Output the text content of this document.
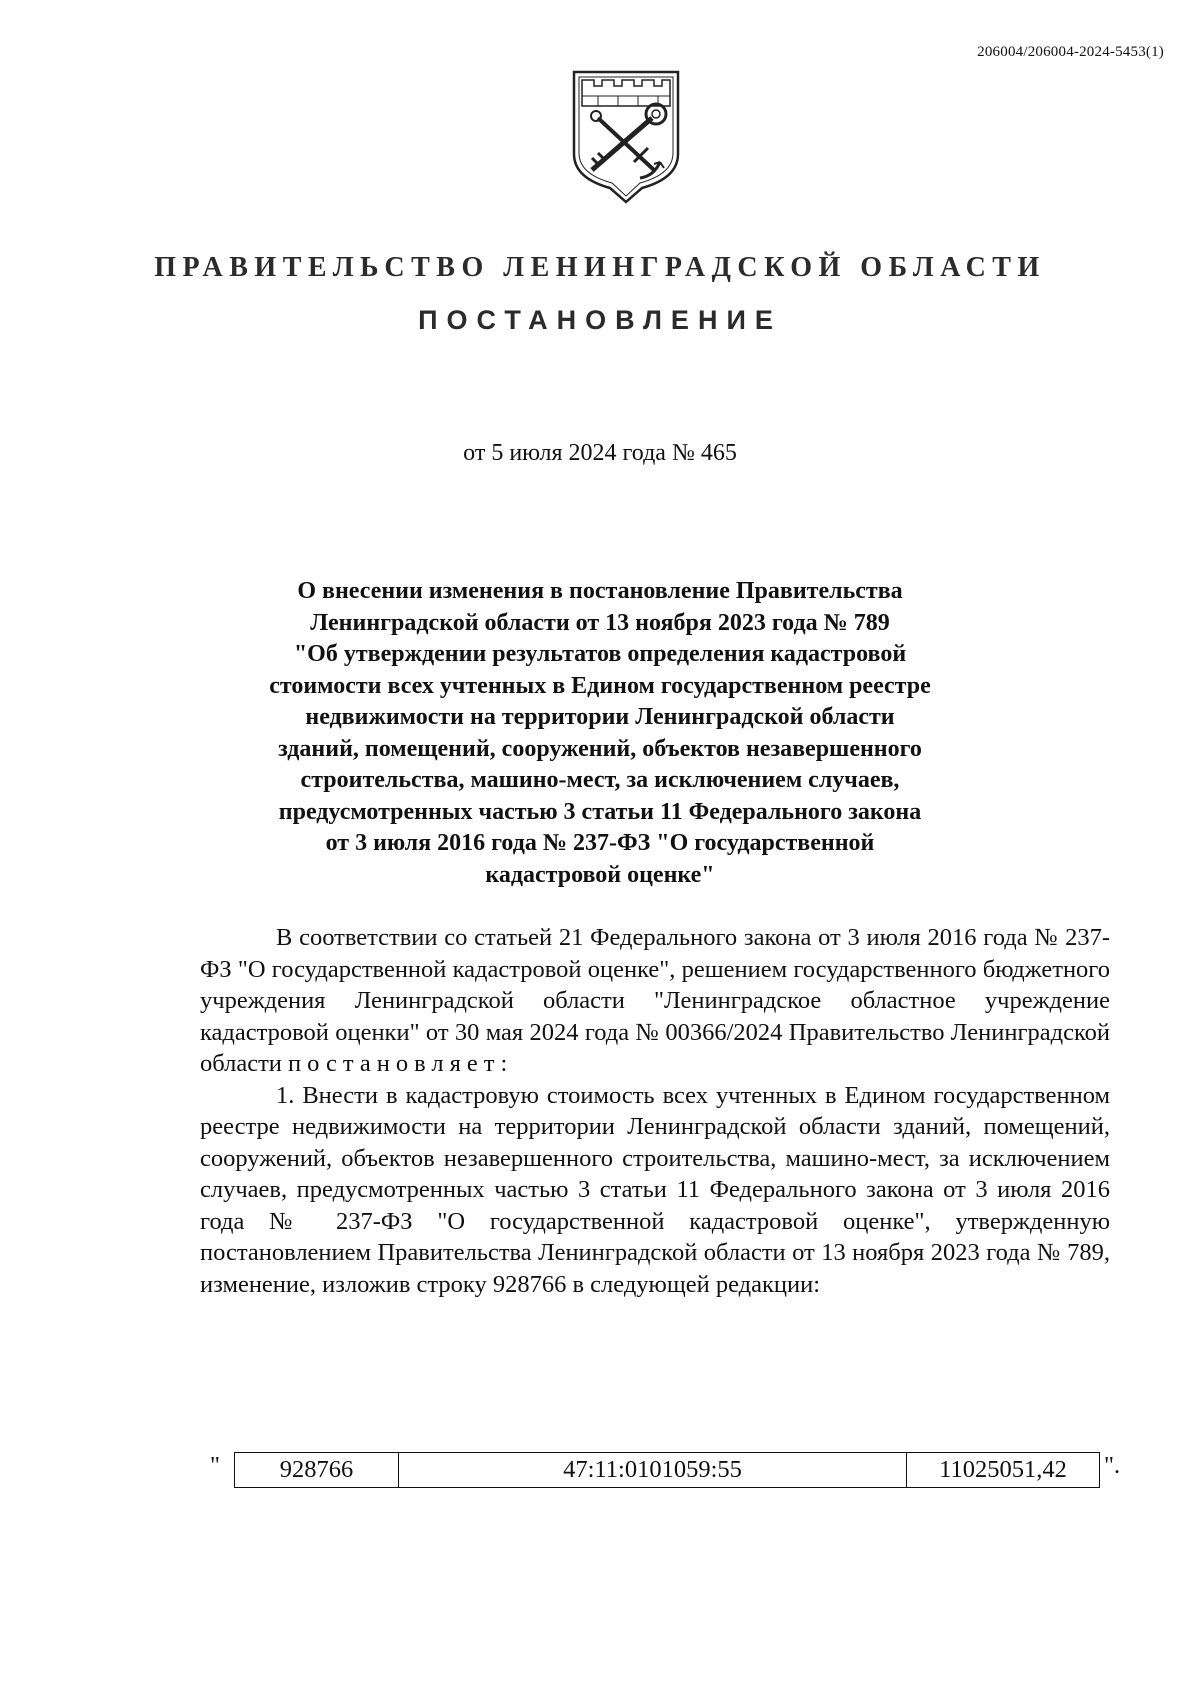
206004/206004-2024-5453(1)
ПРАВИТЕЛЬСТВО ЛЕНИНГРАДСКОЙ ОБЛАСТИ
ПОСТАНОВЛЕНИЕ
от 5 июля 2024 года № 465
О внесении изменения в постановление Правительства
Ленинградской области от 13 ноября 2023 года № 789
"Об утверждении результатов определения кадастровой
стоимости всех учтенных в Едином государственном реестре
недвижимости на территории Ленинградской области
зданий, помещений, сооружений, объектов незавершенного
строительства, машино-мест, за исключением случаев,
предусмотренных частью 3 статьи 11 Федерального закона
от 3 июля 2016 года № 237-ФЗ "О государственной
кадастровой оценке"

В соответствии со статьей 21 Федерального закона от 3 июля 2016 года № 237-ФЗ "О государственной кадастровой оценке", решением государственного бюджетного учреждения Ленинградской области "Ленинградское областное учреждение кадастровой оценки" от 30 мая 2024 года № 00366/2024 Правительство Ленинградской области постановляет:

1. Внести в кадастровую стоимость всех учтенных в Едином государственном реестре недвижимости на территории Ленинградской области зданий, помещений, сооружений, объектов незавершенного строительства, машино-мест, за исключением случаев, предусмотренных частью 3 статьи 11 Федерального закона от 3 июля 2016 года № 237-ФЗ "О государственной кадастровой оценке", утвержденную постановлением Правительства Ленинградской области от 13 ноября 2023 года № 789, изменение, изложив строку 928766 в следующей редакции:

"	928766	47:11:0101059:55	11025051,42	".
